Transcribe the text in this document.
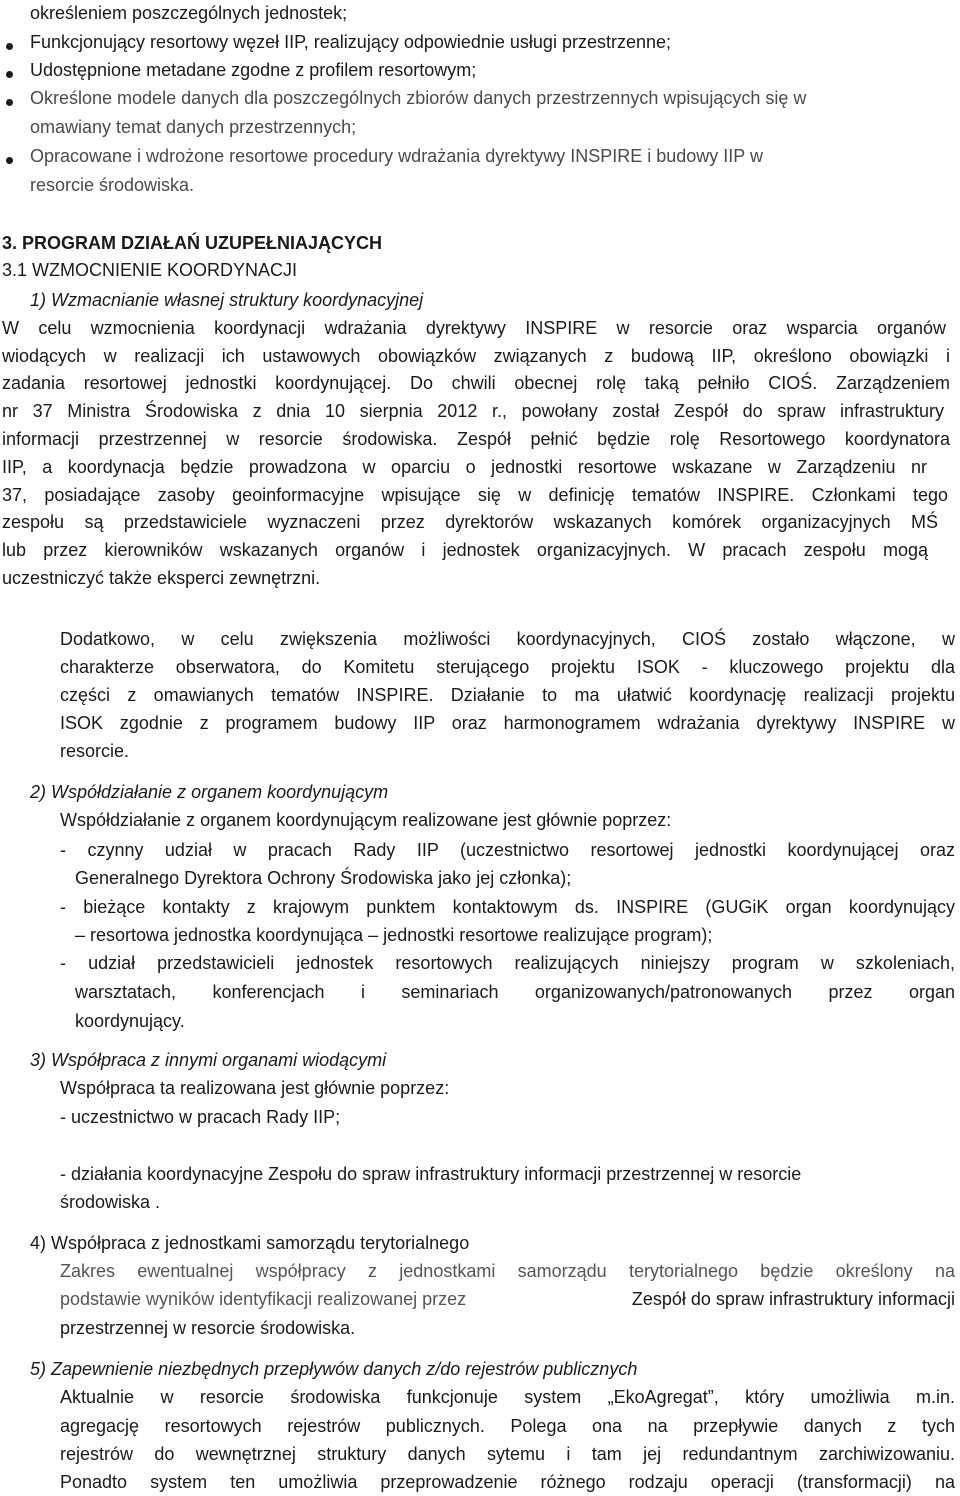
określeniem poszczególnych jednostek;
Funkcjonujący resortowy węzeł IIP, realizujący odpowiednie usługi przestrzenne;
Udostępnione metadane zgodne z profilem resortowym;
Określone modele danych dla poszczególnych zbiorów danych przestrzennych wpisujących się w
omawiany temat danych przestrzennych;
Opracowane i wdrożone resortowe procedury wdrażania dyrektywy INSPIRE i budowy IIP w
resorcie środowiska.
3. PROGRAM DZIAŁAŃ UZUPEŁNIAJĄCYCH
3.1 WZMOCNIENIE KOORDYNACJI
1) Wzmacnianie własnej struktury koordynacyjnej
W celu wzmocnienia koordynacji wdrażania dyrektywy INSPIRE w resorcie oraz wsparcia organów
wiodących w realizacji ich ustawowych obowiązków związanych z budową IIP, określono obowiązki i
zadania resortowej jednostki koordynującej. Do chwili obecnej rolę taką pełniło CIOŚ. Zarządzeniem
nr 37 Ministra Środowiska z dnia 10 sierpnia 2012 r., powołany został Zespół do spraw infrastruktury
informacji przestrzennej w resorcie środowiska. Zespół pełnić będzie rolę Resortowego koordynatora
IIP, a koordynacja będzie prowadzona w oparciu o jednostki resortowe wskazane w Zarządzeniu nr
37, posiadające zasoby geoinformacyjne wpisujące się w definicję tematów INSPIRE. Członkami tego
zespołu są przedstawiciele wyznaczeni przez dyrektorów wskazanych komórek organizacyjnych MŚ
lub przez kierowników wskazanych organów i jednostek organizacyjnych. W pracach zespołu mogą
uczestniczyć także eksperci zewnętrzni.
Dodatkowo, w celu zwiększenia możliwości koordynacyjnych, CIOŚ zostało włączone, w
charakterze obserwatora, do Komitetu sterującego projektu ISOK - kluczowego projektu dla
części z omawianych tematów INSPIRE. Działanie to ma ułatwić koordynację realizacji projektu
ISOK zgodnie z programem budowy IIP oraz harmonogramem wdrażania dyrektywy INSPIRE w
resorcie.
2) Współdziałanie z organem koordynującym
Współdziałanie z organem koordynującym realizowane jest głównie poprzez:
- czynny udział w pracach Rady IIP (uczestnictwo resortowej jednostki koordynującej oraz
Generalnego Dyrektora Ochrony Środowiska jako jej członka);
- bieżące kontakty z krajowym punktem kontaktowym ds. INSPIRE (GUGiK organ koordynujący
– resortowa jednostka koordynująca – jednostki resortowe realizujące program);
- udział przedstawicieli jednostek resortowych realizujących niniejszy program w szkoleniach,
warsztatach, konferencjach i seminariach organizowanych/patronowanych przez organ
koordynujący.
3) Współpraca z innymi organami wiodącymi
Współpraca ta realizowana jest głównie poprzez:
- uczestnictwo w pracach Rady IIP;
- działania koordynacyjne Zespołu do spraw infrastruktury informacji przestrzennej w resorcie
środowiska .
4) Współpraca z jednostkami samorządu terytorialnego
Zakres ewentualnej współpracy z jednostkami samorządu terytorialnego będzie określony na
podstawie wyników identyfikacji realizowanej przez	Zespół do spraw infrastruktury informacji
przestrzennej w resorcie środowiska.
5) Zapewnienie niezbędnych przepływów danych z/do rejestrów publicznych
Aktualnie w resorcie środowiska funkcjonuje system „EkoAgregat”, który umożliwia m.in.
agregację resortowych rejestrów publicznych. Polega ona na przepływie danych z tych
rejestrów do wewnętrznej struktury danych sytemu i tam jej redundantnym zarchiwizowaniu.
Ponadto system ten umożliwia przeprowadzenie różnego rodzaju operacji (transformacji) na
